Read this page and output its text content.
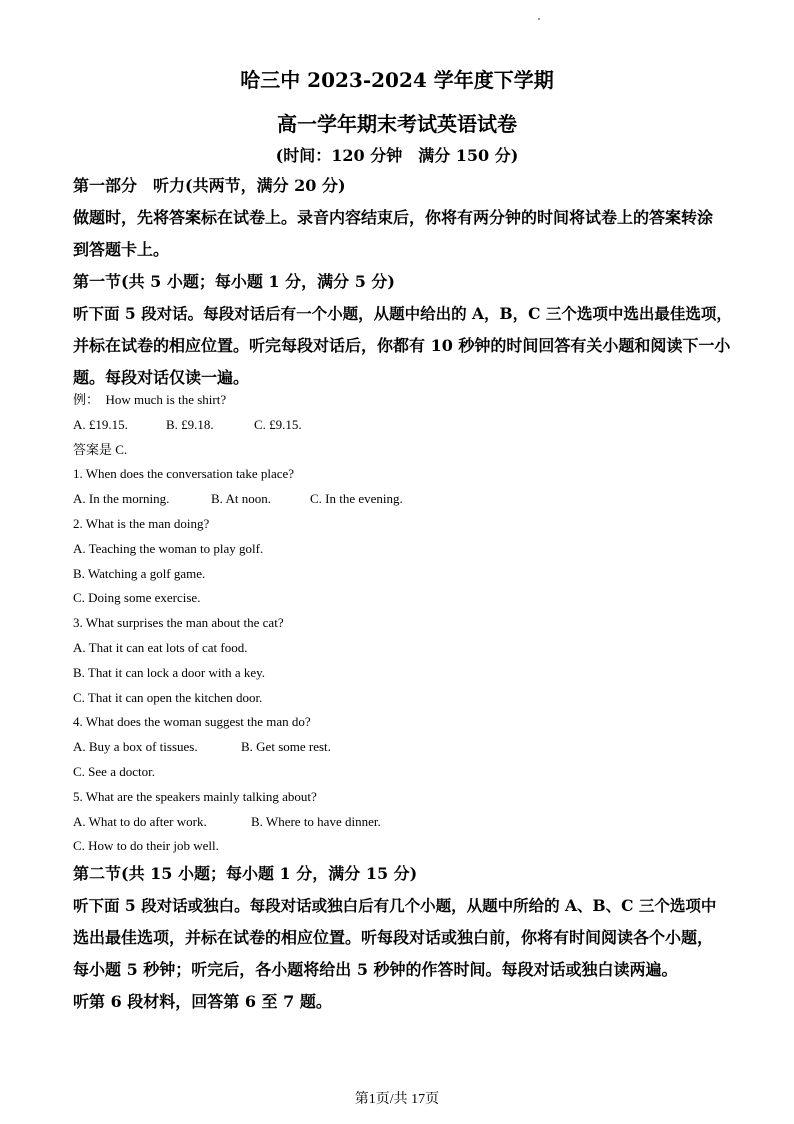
哈三中 2023-2024 学年度下学期
高一学年期末考试英语试卷
(时间：120 分钟　满分 150 分)

第一部分　听力(共两节，满分 20 分)

做题时，先将答案标在试卷上。录音内容结束后，你将有两分钟的时间将试卷上的答案转涂

到答题卡上。

第一节(共 5 小题；每小题 1 分，满分 5 分)

听下面 5 段对话。每段对话后有一个小题，从题中给出的 A，B，C 三个选项中选出最佳选项，

并标在试卷的相应位置。听完每段对话后，你都有 10 秒钟的时间回答有关小题和阅读下一小

题。每段对话仅读一遍。

例：　How much is the shirt?

A. £19.15.	B. £9.18.	C. £9.15.

答案是 C.

1. When does the conversation take place?

A. In the morning.	B. At noon.	C. In the evening.

2. What is the man doing?

A. Teaching the woman to play golf.

B. Watching a golf game.

C. Doing some exercise.

3. What surprises the man about the cat?

A. That it can eat lots of cat food.

B. That it can lock a door with a key.

C. That it can open the kitchen door.

4. What does the woman suggest the man do?

A. Buy a box of tissues.	B. Get some rest.

C. See a doctor.

5. What are the speakers mainly talking about?

A. What to do after work.	B. Where to have dinner.

C. How to do their job well.

第二节(共 15 小题；每小题 1 分，满分 15 分)

听下面 5 段对话或独白。每段对话或独白后有几个小题，从题中所给的 A、B、C 三个选项中

选出最佳选项，并标在试卷的相应位置。听每段对话或独白前，你将有时间阅读各个小题，

每小题 5 秒钟；听完后，各小题将给出 5 秒钟的作答时间。每段对话或独白读两遍。

听第 6 段材料，回答第 6 至 7 题。

第1页/共 17页
